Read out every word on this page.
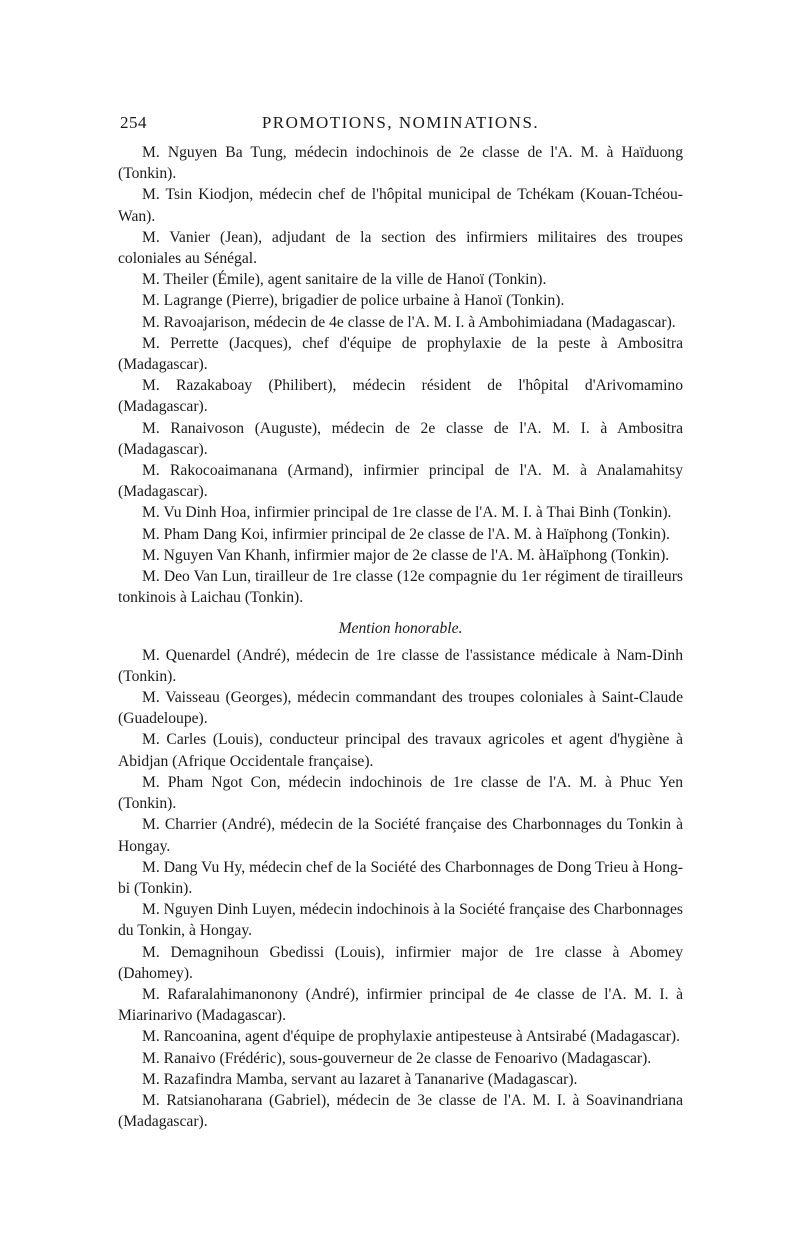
254	PROMOTIONS, NOMINATIONS.

M. Nguyen Ba Tung, médecin indochinois de 2e classe de l'A. M. à Haïduong (Tonkin).

M. Tsin Kiodjon, médecin chef de l'hôpital municipal de Tchékam (Kouan-Tchéou-Wan).

M. Vanier (Jean), adjudant de la section des infirmiers militaires des troupes coloniales au Sénégal.

M. Theiler (Émile), agent sanitaire de la ville de Hanoï (Tonkin).

M. Lagrange (Pierre), brigadier de police urbaine à Hanoï (Tonkin).

M. Ravoajarison, médecin de 4e classe de l'A. M. I. à Ambohimiadana (Madagascar).

M. Perrette (Jacques), chef d'équipe de prophylaxie de la peste à Ambositra (Madagascar).

M. Razakaboay (Philibert), médecin résident de l'hôpital d'Arivomamino (Madagascar).

M. Ranaivoson (Auguste), médecin de 2e classe de l'A. M. I. à Ambositra (Madagascar).

M. Rakocoaimanana (Armand), infirmier principal de l'A. M. à Analamahitsy (Madagascar).

M. Vu Dinh Hoa, infirmier principal de 1re classe de l'A. M. I. à Thai Binh (Tonkin).

M. Pham Dang Koi, infirmier principal de 2e classe de l'A. M. à Haïphong (Tonkin).

M. Nguyen Van Khanh, infirmier major de 2e classe de l'A. M. àHaïphong (Tonkin).

M. Deo Van Lun, tirailleur de 1re classe (12e compagnie du 1er régiment de tirailleurs tonkinois à Laichau (Tonkin).

Mention honorable.

M. Quenardel (André), médecin de 1re classe de l'assistance médicale à Nam-Dinh (Tonkin).

M. Vaisseau (Georges), médecin commandant des troupes coloniales à Saint-Claude (Guadeloupe).

M. Carles (Louis), conducteur principal des travaux agricoles et agent d'hygiène à Abidjan (Afrique Occidentale française).

M. Pham Ngot Con, médecin indochinois de 1re classe de l'A. M. à Phuc Yen (Tonkin).

M. Charrier (André), médecin de la Société française des Charbonnages du Tonkin à Hongay.

M. Dang Vu Hy, médecin chef de la Société des Charbonnages de Dong Trieu à Hong-bi (Tonkin).

M. Nguyen Dinh Luyen, médecin indochinois à la Société française des Charbonnages du Tonkin, à Hongay.

M. Demagnihoun Gbedissi (Louis), infirmier major de 1re classe à Abomey (Dahomey).

M. Rafaralahimanonony (André), infirmier principal de 4e classe de l'A. M. I. à Miarinarivo (Madagascar).

M. Rancoanina, agent d'équipe de prophylaxie antipesteuse à Antsirabé (Madagascar).

M. Ranaivo (Frédéric), sous-gouverneur de 2e classe de Fenoarivo (Madagascar).

M. Razafindra Mamba, servant au lazaret à Tananarive (Madagascar).

M. Ratsianoharana (Gabriel), médecin de 3e classe de l'A. M. I. à Soavinandriana (Madagascar).
